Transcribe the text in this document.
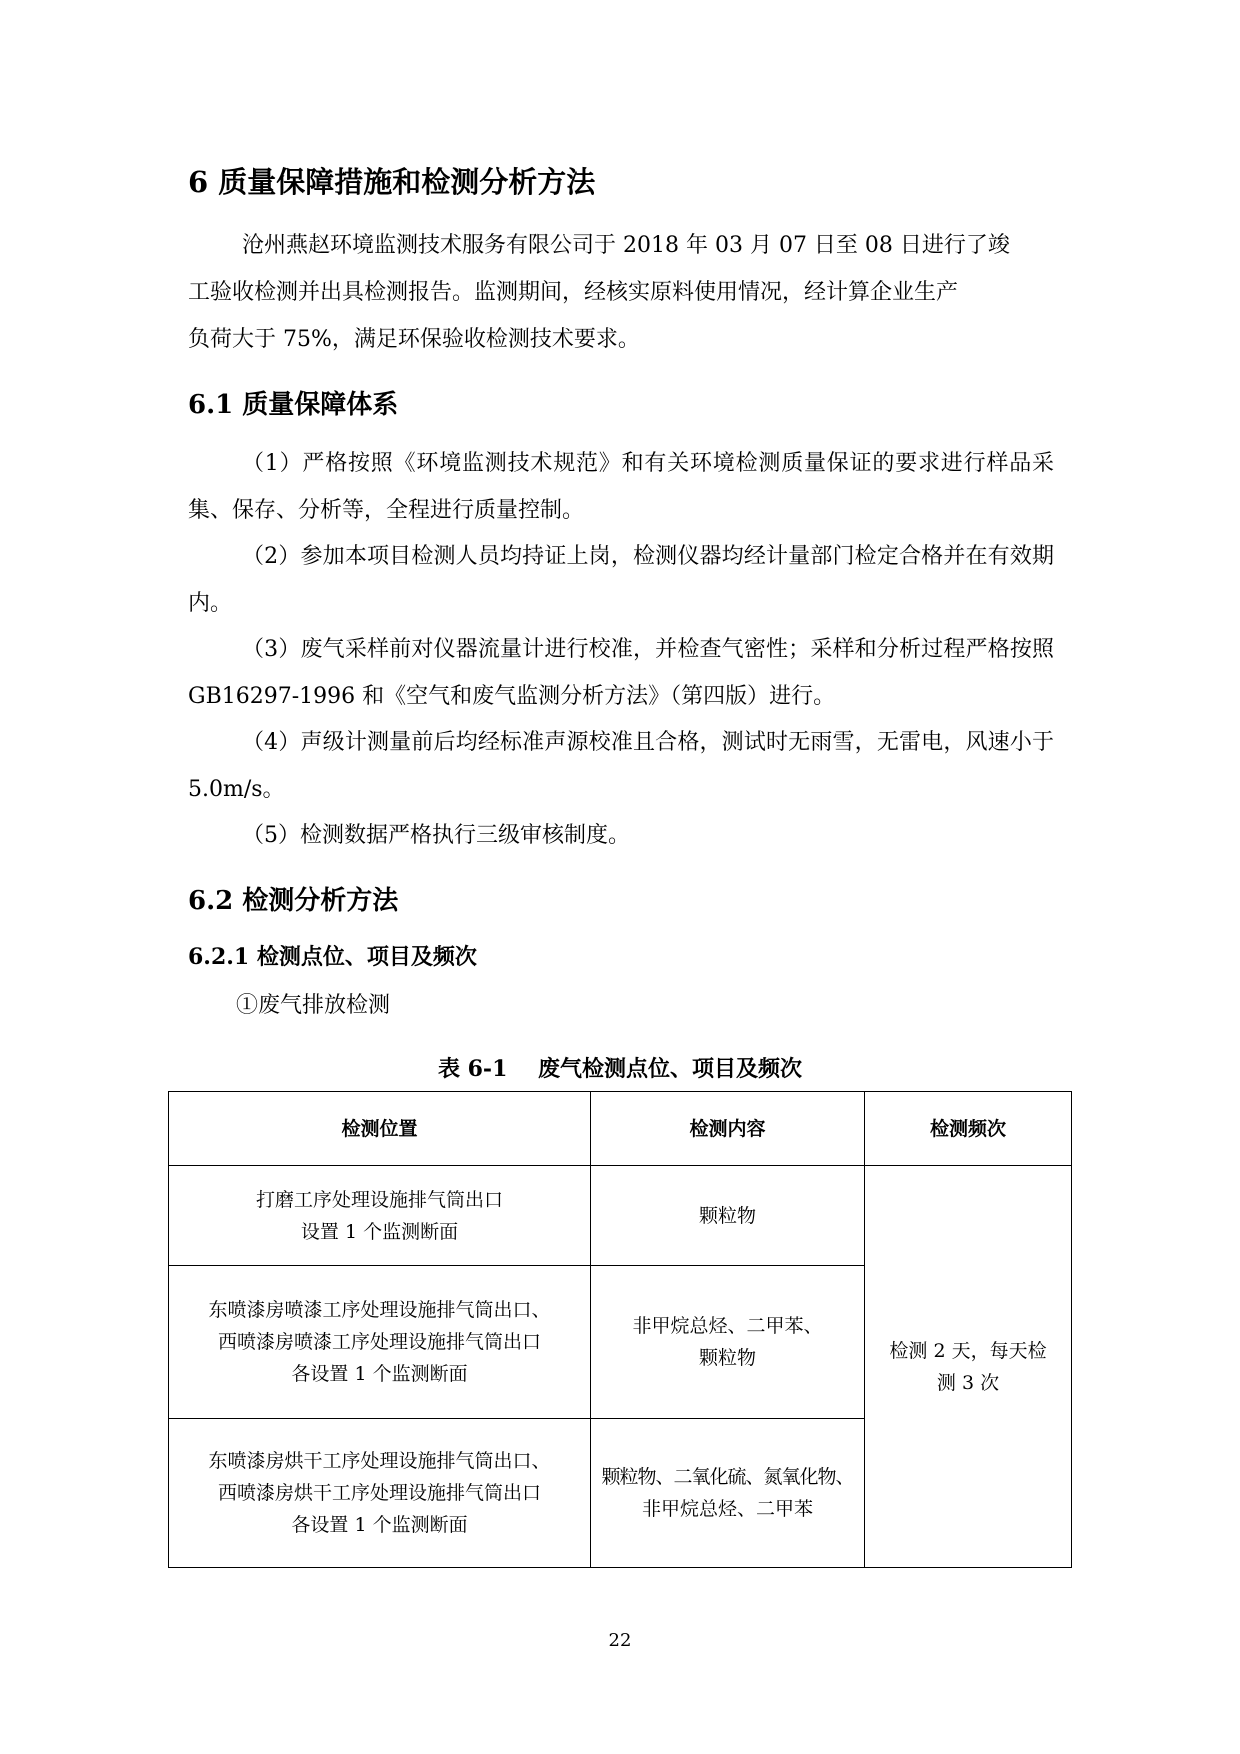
6 质量保障措施和检测分析方法

沧州燕赵环境监测技术服务有限公司于 2018 年 03 月 07 日至 08 日进行了竣
工验收检测并出具检测报告。监测期间，经核实原料使用情况，经计算企业生产
负荷大于 75%，满足环保验收检测技术要求。

6.1 质量保障体系

（1）严格按照《环境监测技术规范》和有关环境检测质量保证的要求进行样品采集、保存、分析等，全程进行质量控制。

（2）参加本项目检测人员均持证上岗，检测仪器均经计量部门检定合格并在有效期内。

（3）废气采样前对仪器流量计进行校准，并检查气密性；采样和分析过程严格按照 GB16297-1996 和《空气和废气监测分析方法》（第四版）进行。

（4）声级计测量前后均经标准声源校准且合格，测试时无雨雪，无雷电，风速小于 5.0m/s。

（5）检测数据严格执行三级审核制度。

6.2 检测分析方法
6.2.1 检测点位、项目及频次
①废气排放检测
表 6-1    废气检测点位、项目及频次
检测位置	检测内容	检测频次

打磨工序处理设施排气筒出口
设置 1 个监测断面	颗粒物	检测 2 天，每天检
测 3 次

东喷漆房喷漆工序处理设施排气筒出口、
西喷漆房喷漆工序处理设施排气筒出口
各设置 1 个监测断面	非甲烷总烃、二甲苯、
颗粒物	

东喷漆房烘干工序处理设施排气筒出口、
西喷漆房烘干工序处理设施排气筒出口
各设置 1 个监测断面	颗粒物、二氧化硫、氮氧化物、
非甲烷总烃、二甲苯	
22
